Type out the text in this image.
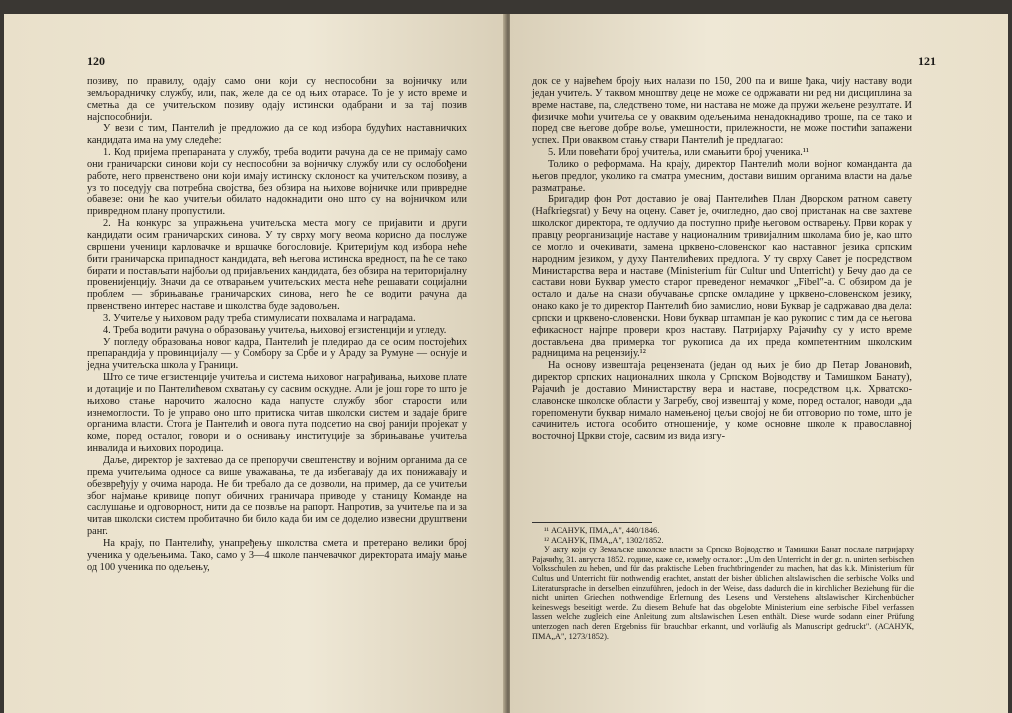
120

позиву, по правилу, одају само они који су неспособни за војничку или земљорадничку службу, или, пак, желе да се од њих отарасе. То је у исто време и сметња да се учитељском позиву одају истински одабрани и за тај позив најспособнији.

У вези с тим, Пантелић је предложио да се код избора будућих наставничких кандидата има на уму следеће:

1. Код пријема препараната у службу, треба водити рачуна да се не примају само они граничарски синови који су неспособни за војничку службу или су ослобођени работе, него првенствено они који имају истинску склоност ка учитељском позиву, а уз то поседују сва потребна својства, без обзира на њихове војничке или привредне обавезе: они ће као учитељи обилато надокнадити оно што су на војничком или привредном плану пропустили.

2. На конкурс за упражњена учитељска места могу се пријавити и други кандидати осим граничарских синова. У ту сврху могу веома корисно да послуже свршени ученици карловачке и вршачке богословије. Критеријум код избора неће бити граничарска припадност кандидата, већ његова истинска вредност, па ће се тако бирати и постављати најбољи од пријављених кандидата, без обзира на територијалну провенијенцију. Значи да се отварањем учитељских места неће решавати социјални проблем — збрињавање граничарских синова, него ће се водити рачуна да првенствено интерес наставе и школства буде задовољен.

3. Учитеље у њиховом раду треба стимулисати похвалама и наградама.

4. Треба водити рачуна о образовању учитеља, њиховој егзистенцији и угледу.

У погледу образовања новог кадра, Пантелић је пледирао да се осим постојећих препарандија у провинцијалу — у Сомбору за Србе и у Араду за Румуне — оснује и једна учитељска школа у Граници.

Што се тиче егзистенције учитеља и система њиховог награђивања, њихове плате и дотације и по Пантелићевом схватању су сасвим оскудне. Али је још горе то што је њихово стање нарочито жалосно када напусте службу због старости или изнемоглости. То је управо оно што притиска читав школски систем и задаје бриге органима власти. Стога је Пантелић и овога пута подсетио на свој ранији пројекат у коме, поред осталог, говори и о оснивању институције за збрињавање учитеља инвалида и њихових породица.

Даље, директор је захтевао да се препоручи свештенству и војним органима да се према учитељима односе са више уважавања, те да избегавају да их понижавају и обезвређују у очима народа. Не би требало да се дозволи, на пример, да се учитељи због најмање кривице попут обичних граничара приводе у станицу Команде на саслушање и одговорност, нити да се позвље на рапорт. Напротив, за учитеље па и за читав школски систем пробитачно би било када би им се доделио извесни друштвени ранг.

На крају, по Пантелићу, унапређењу школства смета и претерано велики број ученика у одељењима. Тако, само у 3—4 школе панчевачког директората имају мање од 100 ученика по одељењу,

121

док се у највећем броју њих налази по 150, 200 па и више ђака, чију наставу води један учитељ. У таквом мноштву деце не може се одржавати ни ред ни дисциплина за време наставе, па, следствено томе, ни настава не може да пружи жељене резултате. И физичке моћи учитеља се у оваквим одељењима ненадокнадиво троше, па се тако и поред све његове добре воље, умешности, прилежности, не може постићи запажени успех. При оваквом стању ствари Пантелић је предлагао:

5. Или повећати број учитеља, или смањити број ученика.¹¹

Толико о реформама. На крају, директор Пантелић моли војног команданта да његов предлог, уколико га сматра умесним, достави вишим органима власти на даље разматрање.

Бригадир фон Рот доставио је овај Пантелићев План Дворском ратном савету (Hafkriegsrat) у Бечу на оцену. Савет је, очигледно, дао свој пристанак на све захтеве школског директора, те одлучио да поступно приђе његовом остварењу. Први корак у правцу реорганизације наставе у националним тривијалним школама био је, као што се могло и очекивати, замена црквено-словенског као наставног језика српским народним језиком, у духу Пантелићевих предлога. У ту сврху Савет је посредством Министарства вера и наставе (Ministerium für Cultur und Unterricht) у Бечу дао да се састави нови Буквар уместо старог преведеног немачког „Fibel"-а. С обзиром да је остало и даље на снази обучавање српске омладине у црквено-словенском језику, онако како је то директор Пантелић био замислио, нови Буквар је садржавао два дела: српски и црквено-словенски. Нови буквар штампан је као рукопис с тим да се његова ефикасност најпре провери кроз наставу. Патријарху Рајачићу су у исто време достављена два примерка тог рукописа да их преда компетентним школским радницима на рецензију.¹²

На основу извештаја рецензената (један од њих је био др Петар Јовановић, директор српских националних школа у Српском Војводству и Тамишком Банату), Рајачић је доставио Министарству вера и наставе, посредством ц.к. Хрватско-славонске школске области у Загребу, свој извештај у коме, поред осталог, наводи „да горепоменути буквар нимало намењеној цељи својој не би отговорио по томе, што је сачинитељ истога особито отношеније, у коме основне школе к православној восточној Цркви стоје, сасвим из вида изгу-

¹¹ АСАНУК, ПМА„А", 440/1846.

¹² АСАНУК, ПМА„А", 1302/1852.

У акту који су Земаљске школске власти за Српско Војводство и Тамишки Банат послале патријарху Рајачићу, 31. августа 1852. године, каже се, између осталог: „Um den Unterricht in der gr. n. unirten serbischen Volksschulen zu heben, und für das praktische Leben fruchtbringender zu machen, hat das k.k. Ministerium für Cultus und Unterricht für nothwendig erachtet, anstatt der bisher üblichen altslawischen die serbische Volks und Literatursprache in derselben einzuführen, jedoch in der Weise, dass dadurch die in kirchlicher Beziehung für die nicht unirten Griechen nothwendige Erlernung des Lesens und Verstehens altslawischer Kirchenbücher keineswegs beseitigt werde. Zu diesem Behufe hat das obgelobte Ministerium eine serbische Fibel verfassen lassen welche zugleich eine Anleitung zum altslawischen Lesen enthält. Diese wurde sodann einer Prüfung unterzogen nach deren Ergebniss für brauchbar erkannt, und vorläufig als Manuscript gedruckt". (АСАНУК, ПМА„А", 1273/1852).
